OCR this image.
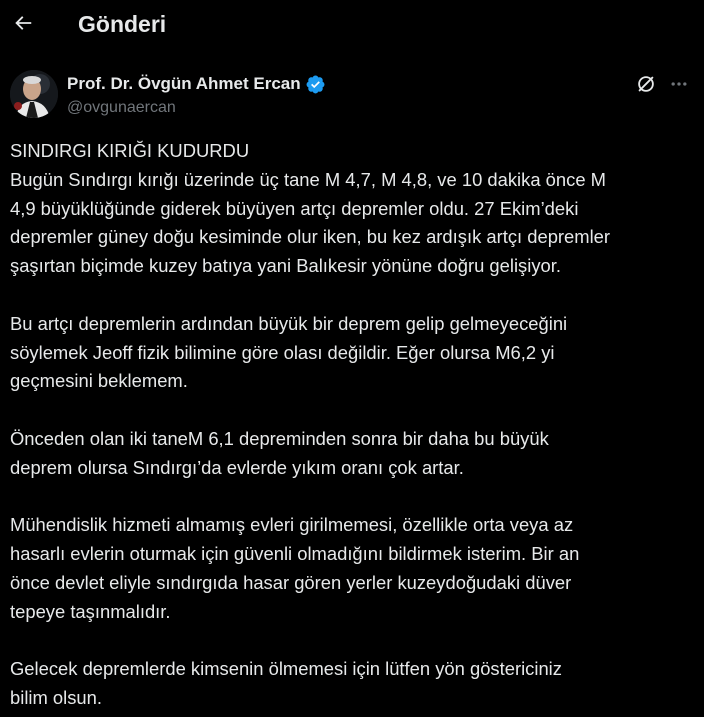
Gönderi
Prof. Dr. Övgün Ahmet Ercan
@ovgunaercan

SINDIRGI KIRIĞI KUDURDU

Bugün Sındırgı kırığı üzerinde üç tane M 4,7, M 4,8, ve 10 dakika önce M

4,9 büyüklüğünde giderek büyüyen artçı depremler oldu. 27 Ekim’deki

depremler güney doğu kesiminde olur iken, bu kez ardışık artçı depremler

şaşırtan biçimde kuzey batıya yani Balıkesir yönüne doğru gelişiyor.

Bu artçı depremlerin ardından büyük bir deprem gelip gelmeyeceğini

söylemek Jeoff fizik bilimine göre olası değildir. Eğer olursa M6,2 yi

geçmesini beklemem.

Önceden olan iki taneM 6,1 depreminden sonra bir daha bu büyük

deprem olursa Sındırgı’da evlerde yıkım oranı çok artar.

Mühendislik hizmeti almamış evleri girilmemesi, özellikle orta veya az

hasarlı evlerin oturmak için güvenli olmadığını bildirmek isterim. Bir an

önce devlet eliyle sındırgıda hasar gören yerler kuzeydoğudaki düver

tepeye taşınmalıdır.

Gelecek depremlerde kimsenin ölmemesi için lütfen yön göstericiniz

bilim olsun.
